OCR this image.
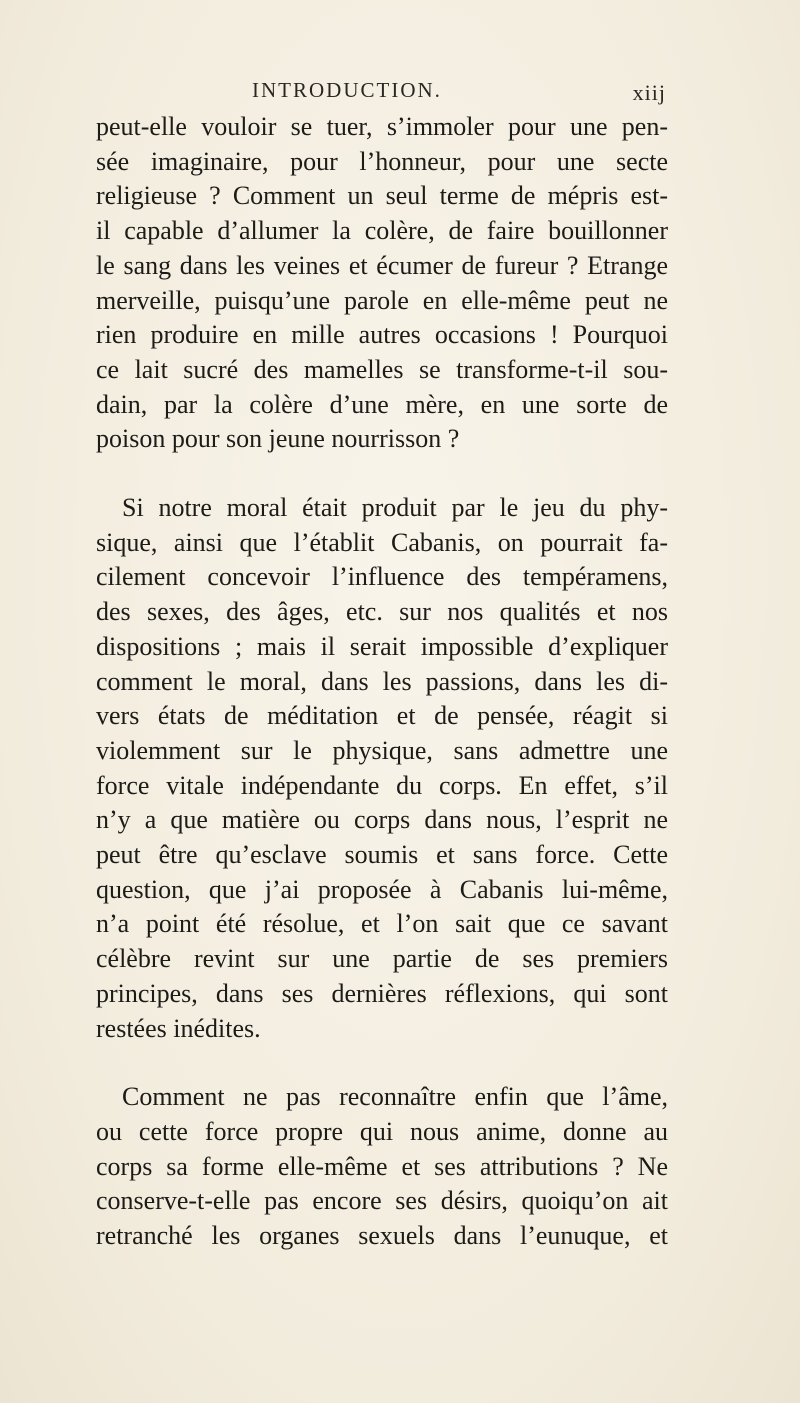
INTRODUCTION.	xiij

peut-elle vouloir se tuer, s’immoler pour une pen-
sée imaginaire, pour l’honneur, pour une secte
religieuse ? Comment un seul terme de mépris est-
il capable d’allumer la colère, de faire bouillonner
le sang dans les veines et écumer de fureur ? Etrange
merveille, puisqu’une parole en elle-même peut ne
rien produire en mille autres occasions ! Pourquoi
ce lait sucré des mamelles se transforme-t-il sou-
dain, par la colère d’une mère, en une sorte de
poison pour son jeune nourrisson ?

Si notre moral était produit par le jeu du phy-
sique, ainsi que l’établit Cabanis, on pourrait fa-
cilement concevoir l’influence des tempéramens,
des sexes, des âges, etc. sur nos qualités et nos
dispositions ; mais il serait impossible d’expliquer
comment le moral, dans les passions, dans les di-
vers états de méditation et de pensée, réagit si
violemment sur le physique, sans admettre une
force vitale indépendante du corps. En effet, s’il
n’y a que matière ou corps dans nous, l’esprit ne
peut être qu’esclave soumis et sans force. Cette
question, que j’ai proposée à Cabanis lui-même,
n’a point été résolue, et l’on sait que ce savant
célèbre revint sur une partie de ses premiers
principes, dans ses dernières réflexions, qui sont
restées inédites.

Comment ne pas reconnaître enfin que l’âme,
ou cette force propre qui nous anime, donne au
corps sa forme elle-même et ses attributions ? Ne
conserve-t-elle pas encore ses désirs, quoiqu’on ait
retranché les organes sexuels dans l’eunuque, et
